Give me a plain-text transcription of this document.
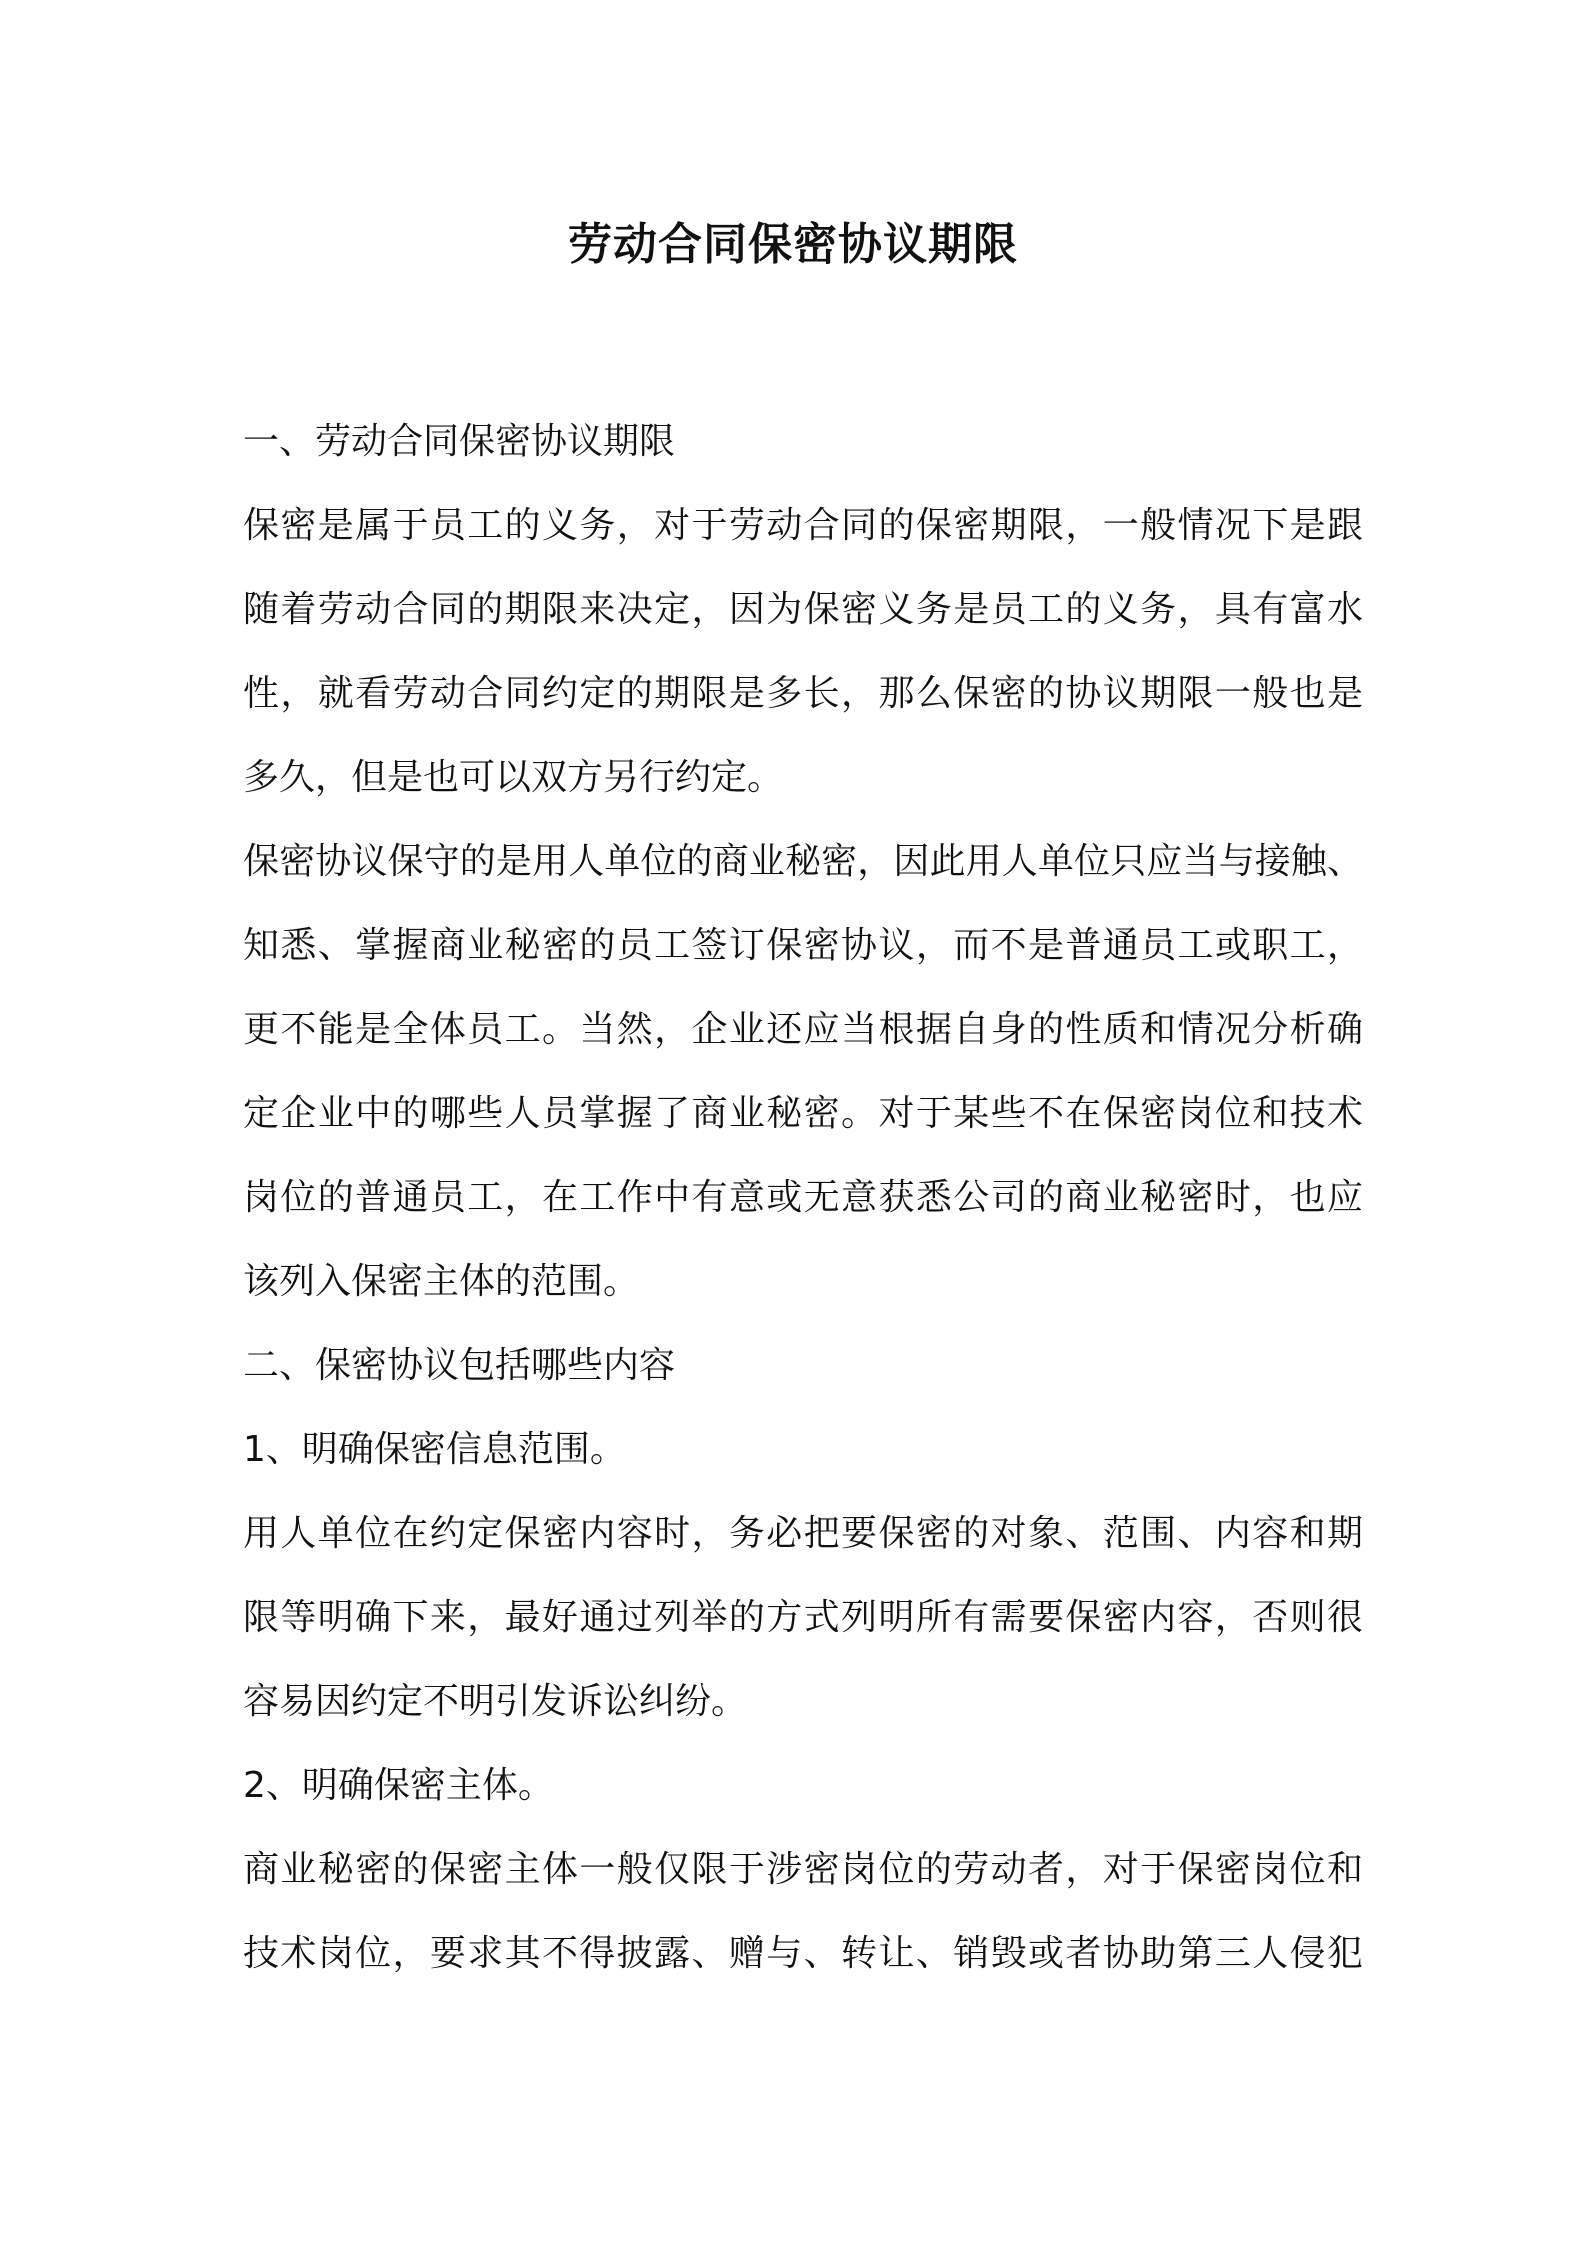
劳动合同保密协议期限
一、劳动合同保密协议期限
保密是属于员工的义务，对于劳动合同的保密期限，一般情况下是跟
随着劳动合同的期限来决定，因为保密义务是员工的义务，具有富水
性，就看劳动合同约定的期限是多长，那么保密的协议期限一般也是
多久，但是也可以双方另行约定。
保密协议保守的是用人单位的商业秘密，因此用人单位只应当与接触、
知悉、掌握商业秘密的员工签订保密协议，而不是普通员工或职工，
更不能是全体员工。当然，企业还应当根据自身的性质和情况分析确
定企业中的哪些人员掌握了商业秘密。对于某些不在保密岗位和技术
岗位的普通员工，在工作中有意或无意获悉公司的商业秘密时，也应
该列入保密主体的范围。
二、保密协议包括哪些内容
1、明确保密信息范围。
用人单位在约定保密内容时，务必把要保密的对象、范围、内容和期
限等明确下来，最好通过列举的方式列明所有需要保密内容，否则很
容易因约定不明引发诉讼纠纷。
2、明确保密主体。
商业秘密的保密主体一般仅限于涉密岗位的劳动者，对于保密岗位和
技术岗位，要求其不得披露、赠与、转让、销毁或者协助第三人侵犯
